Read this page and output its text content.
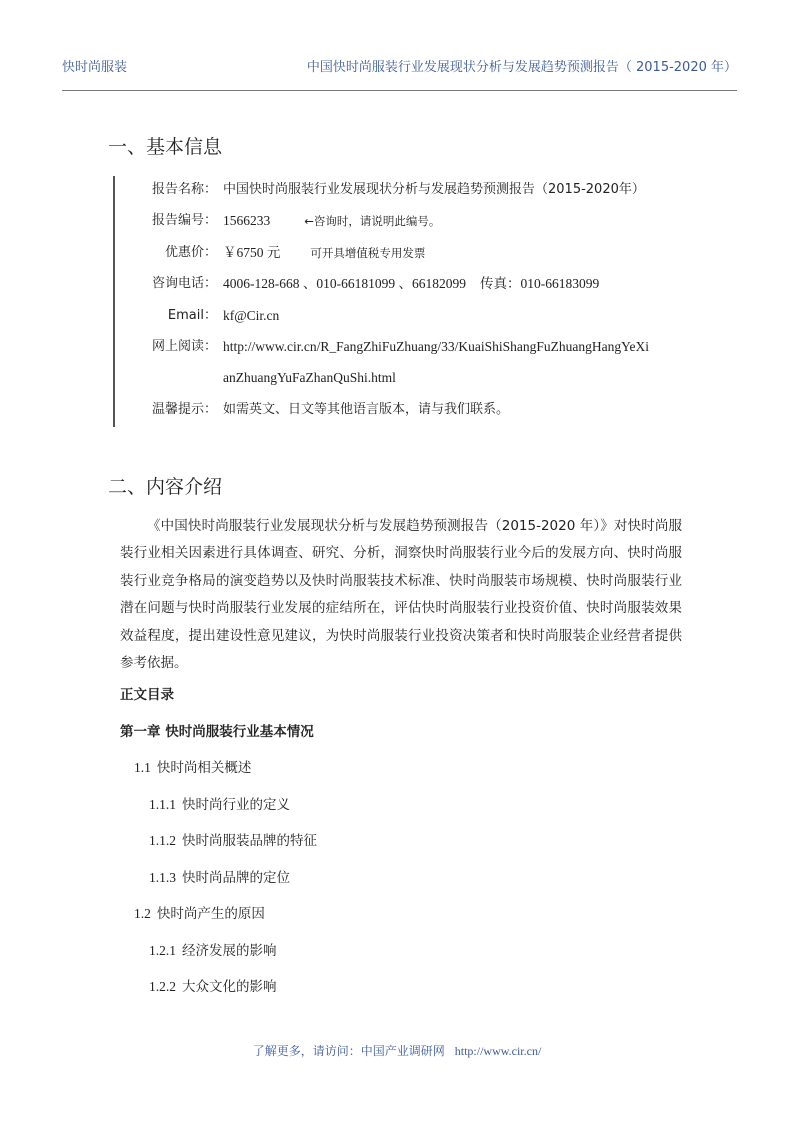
快时尚服装	中国快时尚服装行业发展现状分析与发展趋势预测报告（ 2015-2020 年）
一、基本信息
报告名称： 中国快时尚服装行业发展现状分析与发展趋势预测报告（2015-2020年）
报告编号： 1566233	←咨询时，请说明此编号。
优惠价： ￥6750 元	可开具增值税专用发票
咨询电话： 4006-128-668 、010-66181099 、66182099 传真：010-66183099
Email： kf@Cir.cn
网上阅读： http://www.cir.cn/R_FangZhiFuZhuang/33/KuaiShiShangFuZhuangHangYeXi
anZhuangYuFaZhanQuShi.html
温馨提示： 如需英文、日文等其他语言版本，请与我们联系。
二、内容介绍

《中国快时尚服装行业发展现状分析与发展趋势预测报告（2015-2020 年）》对快时尚服装行业相关因素进行具体调查、研究、分析，洞察快时尚服装行业今后的发展方向、快时尚服装行业竞争格局的演变趋势以及快时尚服装技术标准、快时尚服装市场规模、快时尚服装行业潜在问题与快时尚服装行业发展的症结所在，评估快时尚服装行业投资价值、快时尚服装效果效益程度，提出建设性意见建议，为快时尚服装行业投资决策者和快时尚服装企业经营者提供参考依据。

正文目录
第一章 快时尚服装行业基本情况
1.1 快时尚相关概述
1.1.1 快时尚行业的定义
1.1.2 快时尚服装品牌的特征
1.1.3 快时尚品牌的定位
1.2 快时尚产生的原因
1.2.1 经济发展的影响
1.2.2 大众文化的影响
了解更多，请访问：中国产业调研网 http://www.cir.cn/
